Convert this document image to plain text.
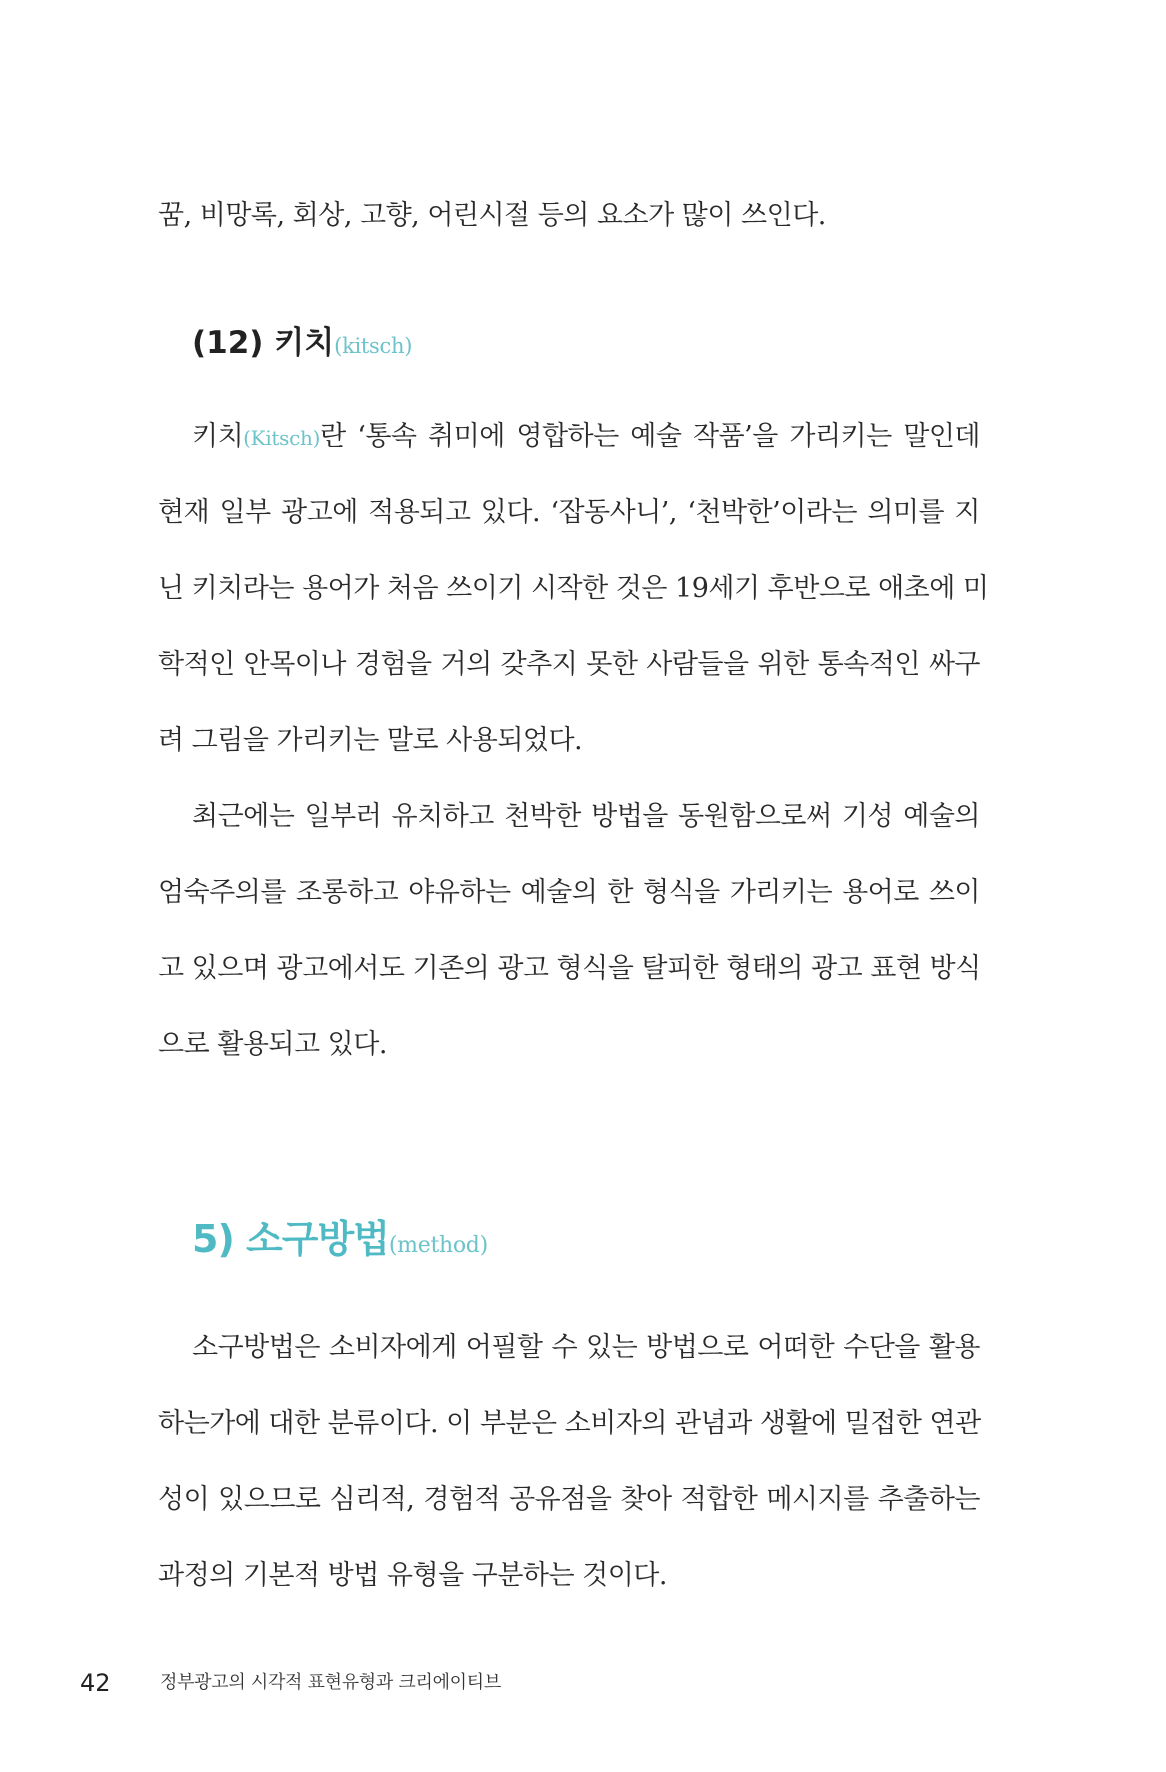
꿈, 비망록, 회상, 고향, 어린시절 등의 요소가 많이 쓰인다.
(12) 키치(kitsch)
키치(Kitsch)란 ‘통속 취미에 영합하는 예술 작품’을 가리키는 말인데
현재 일부 광고에 적용되고 있다. ‘잡동사니’, ‘천박한’이라는 의미를 지
닌 키치라는 용어가 처음 쓰이기 시작한 것은 19세기 후반으로 애초에 미
학적인 안목이나 경험을 거의 갖추지 못한 사람들을 위한 통속적인 싸구
려 그림을 가리키는 말로 사용되었다.
최근에는 일부러 유치하고 천박한 방법을 동원함으로써 기성 예술의
엄숙주의를 조롱하고 야유하는 예술의 한 형식을 가리키는 용어로 쓰이
고 있으며 광고에서도 기존의 광고 형식을 탈피한 형태의 광고 표현 방식
으로 활용되고 있다.
5) 소구방법(method)
소구방법은 소비자에게 어필할 수 있는 방법으로 어떠한 수단을 활용
하는가에 대한 분류이다. 이 부분은 소비자의 관념과 생활에 밀접한 연관
성이 있으므로 심리적, 경험적 공유점을 찾아 적합한 메시지를 추출하는
과정의 기본적 방법 유형을 구분하는 것이다.
42	정부광고의 시각적 표현유형과 크리에이티브
